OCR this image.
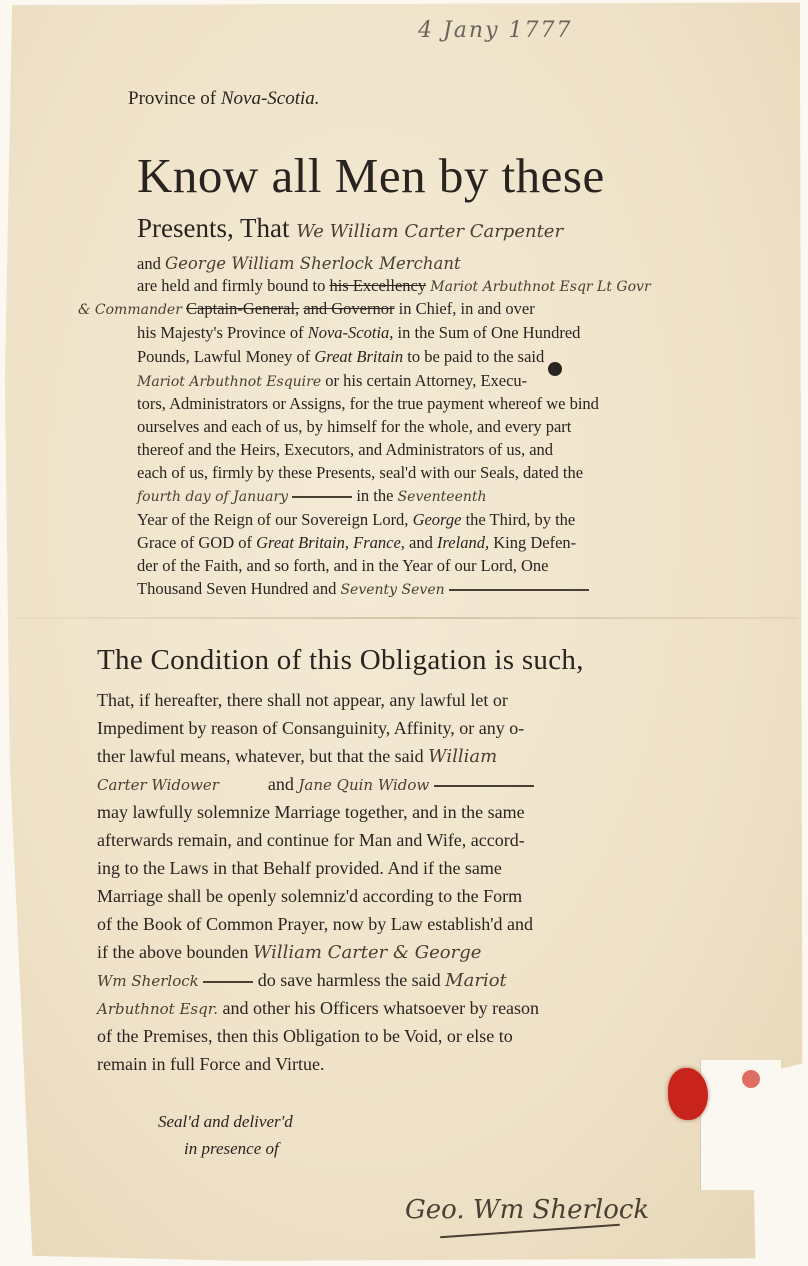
4 Jany 1777
Province of Nova-Scotia.
Know all Men by these
Presents, That We William Carter Carpenter
and George William Sherlock Merchant
are held and firmly bound to his Excellency Mariot Arbuthnot Esqr Lt Govr
& Commander Captain-General, and Governor in Chief, in and over
his Majesty's Province of Nova-Scotia, in the Sum of One Hundred
Pounds, Lawful Money of Great Britain to be paid to the said
Mariot Arbuthnot Esquire or his certain Attorney, Execu-
tors, Administrators or Assigns, for the true payment whereof we bind
ourselves and each of us, by himself for the whole, and every part
thereof and the Heirs, Executors, and Administrators of us, and
each of us, firmly by these Presents, seal'd with our Seals, dated the
fourth day of January	in the Seventeenth
Year of the Reign of our Sovereign Lord, George the Third, by the
Grace of GOD of Great Britain, France, and Ireland, King Defen-
der of the Faith, and so forth, and in the Year of our Lord, One
Thousand Seven Hundred and Seventy Seven
The Condition of this Obligation is such,
That, if hereafter, there shall not appear, any lawful let or
Impediment by reason of Consanguinity, Affinity, or any o-
ther lawful means, whatever, but that the said William
Carter Widower	and Jane Quin Widow
may lawfully solemnize Marriage together, and in the same
afterwards remain, and continue for Man and Wife, accord-
ing to the Laws in that Behalf provided. And if the same
Marriage shall be openly solemniz'd according to the Form
of the Book of Common Prayer, now by Law establish'd and
if the above bounden William Carter & George
Wm Sherlock	do save harmless the said Mariot
Arbuthnot Esqr. and other his Officers whatsoever by reason
of the Premises, then this Obligation to be Void, or else to
remain in full Force and Virtue.
Seal'd and deliver'd
in presence of
Geo. Wm Sherlock
